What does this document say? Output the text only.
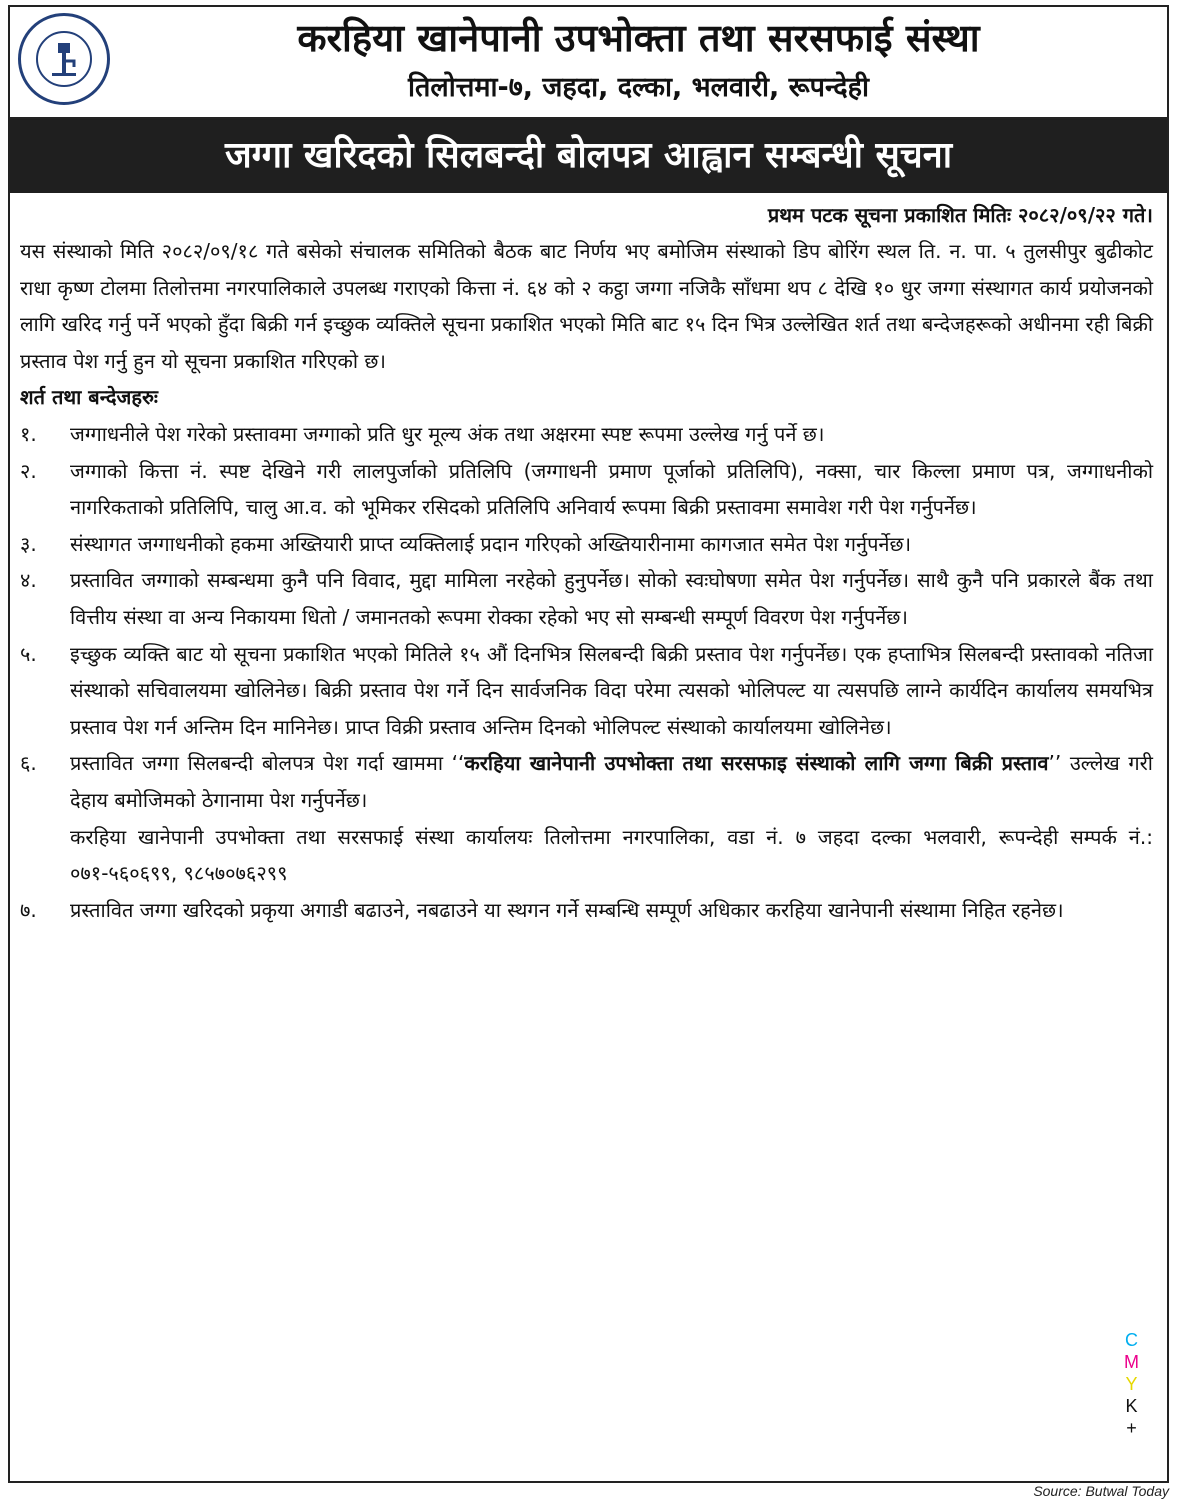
करहिया खानेपानी उपभोक्ता तथा सरसफाई संस्था
तिलोत्तमा-७, जहदा, दल्का, भलवारी, रूपन्देही
जग्गा खरिदको सिलबन्दी बोलपत्र आह्वान सम्बन्धी सूचना
प्रथम पटक सूचना प्रकाशित मितिः २०८२/०९/२२ गते।

यस संस्थाको मिति २०८२/०९/१८ गते बसेको संचालक समितिको बैठक बाट निर्णय भए बमोजिम संस्थाको डिप बोरिंग स्थल ति. न. पा. ५ तुलसीपुर बुढीकोट राधा कृष्ण टोलमा तिलोत्तमा नगरपालिकाले उपलब्ध गराएको कित्ता नं. ६४ को २ कट्ठा जग्गा नजिकै साँधमा थप ८ देखि १० धुर जग्गा संस्थागत कार्य प्रयोजनको लागि खरिद गर्नु पर्ने भएको हुँदा बिक्री गर्न इच्छुक व्यक्तिले सूचना प्रकाशित भएको मिति बाट १५ दिन भित्र उल्लेखित शर्त तथा बन्देजहरूको अधीनमा रही बिक्री प्रस्ताव पेश गर्नु हुन यो सूचना प्रकाशित गरिएको छ।

शर्त तथा बन्देजहरुः

१.	जग्गाधनीले पेश गरेको प्रस्तावमा जग्गाको प्रति धुर मूल्य अंक तथा अक्षरमा स्पष्ट रूपमा उल्लेख गर्नु पर्ने छ।
२.	जग्गाको कित्ता नं. स्पष्ट देखिने गरी लालपुर्जाको प्रतिलिपि (जग्गाधनी प्रमाण पूर्जाको प्रतिलिपि), नक्सा, चार किल्ला प्रमाण पत्र, जग्गाधनीको नागरिकताको प्रतिलिपि, चालु आ.व. को भूमिकर रसिदको प्रतिलिपि अनिवार्य रूपमा बिक्री प्रस्तावमा समावेश गरी पेश गर्नुपर्नेछ।
३.	संस्थागत जग्गाधनीको हकमा अख्तियारी प्राप्त व्यक्तिलाई प्रदान गरिएको अख्तियारीनामा कागजात समेत पेश गर्नुपर्नेछ।
४.	प्रस्तावित जग्गाको सम्बन्धमा कुनै पनि विवाद, मुद्दा मामिला नरहेको हुनुपर्नेछ। सोको स्वःघोषणा समेत पेश गर्नुपर्नेछ। साथै कुनै पनि प्रकारले बैंक तथा वित्तीय संस्था वा अन्य निकायमा धितो / जमानतको रूपमा रोक्का रहेको भए सो सम्बन्धी सम्पूर्ण विवरण पेश गर्नुपर्नेछ।
५.	इच्छुक व्यक्ति बाट यो सूचना प्रकाशित भएको मितिले १५ औं दिनभित्र सिलबन्दी बिक्री प्रस्ताव पेश गर्नुपर्नेछ। एक हप्ताभित्र सिलबन्दी प्रस्तावको नतिजा संस्थाको सचिवालयमा खोलिनेछ। बिक्री प्रस्ताव पेश गर्ने दिन सार्वजनिक विदा परेमा त्यसको भोलिपल्ट या त्यसपछि लाग्ने कार्यदिन कार्यालय समयभित्र प्रस्ताव पेश गर्न अन्तिम दिन मानिनेछ। प्राप्त विक्री प्रस्ताव अन्तिम दिनको भोलिपल्ट संस्थाको कार्यालयमा खोलिनेछ।
६.	प्रस्तावित जग्गा सिलबन्दी बोलपत्र पेश गर्दा खाममा ‘‘करहिया खानेपानी उपभोक्ता तथा सरसफाइ संस्थाको लागि जग्गा बिक्री प्रस्ताव’’ उल्लेख गरी देहाय बमोजिमको ठेगानामा पेश गर्नुपर्नेछ।

करहिया खानेपानी उपभोक्ता तथा सरसफाई संस्था कार्यालयः तिलोत्तमा नगरपालिका, वडा नं. ७ जहदा दल्का भलवारी, रूपन्देही सम्पर्क नं.: ०७१-५६०६९९, ९८५७०७६२९९

७.	प्रस्तावित जग्गा खरिदको प्रकृया अगाडी बढाउने, नबढाउने या स्थगन गर्ने सम्बन्धि सम्पूर्ण अधिकार करहिया खानेपानी संस्थामा निहित रहनेछ।
C
M
Y
K
+
Source: Butwal Today
